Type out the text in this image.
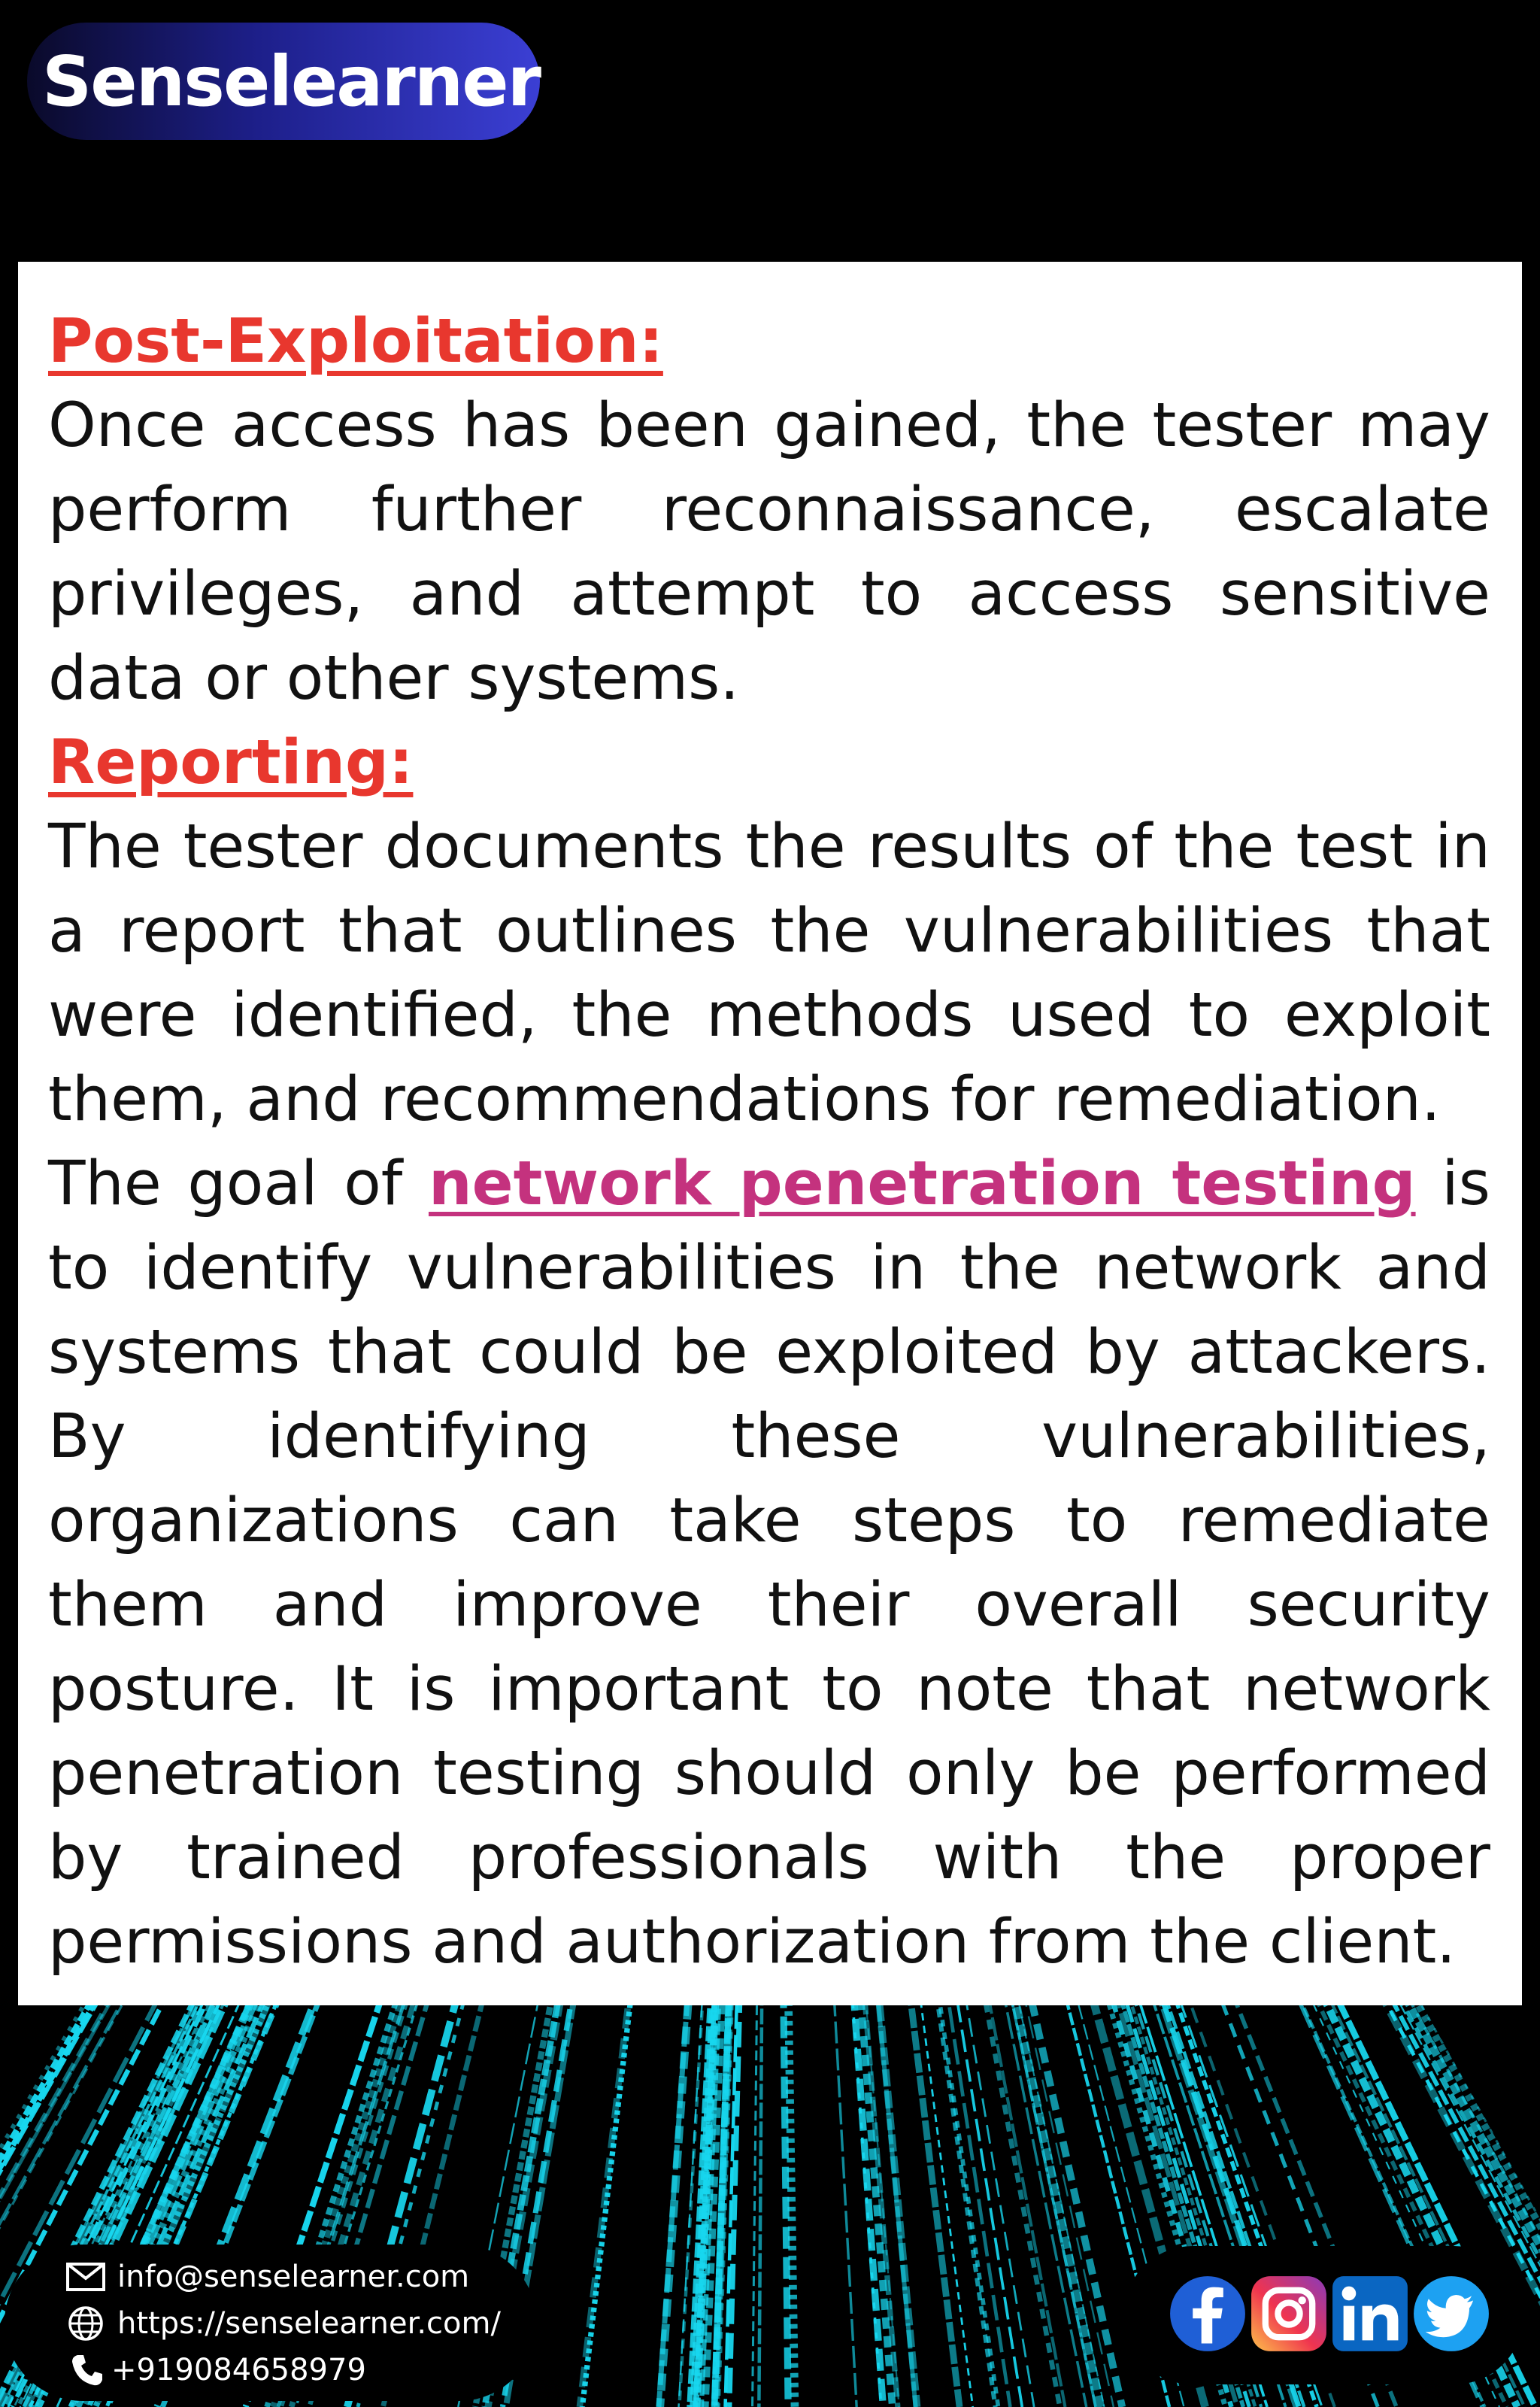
Senselearner
Post-Exploitation:

Once access has been gained, the tester may perform further reconnaissance, escalate privileges, and attempt to access sensitive data or other systems.

Reporting:

The tester documents the results of the test in a report that outlines the vulnerabilities that were identified, the methods used to exploit them, and recommendations for remediation.

The goal of network penetration testing is to identify vulnerabilities in the network and systems that could be exploited by attackers. By identifying these vulnerabilities, organizations can take steps to remediate them and improve their overall security posture. It is important to note that network penetration testing should only be performed by trained professionals with the proper permissions and authorization from the client.

info@senselearner.com
https://senselearner.com/
+919084658979
